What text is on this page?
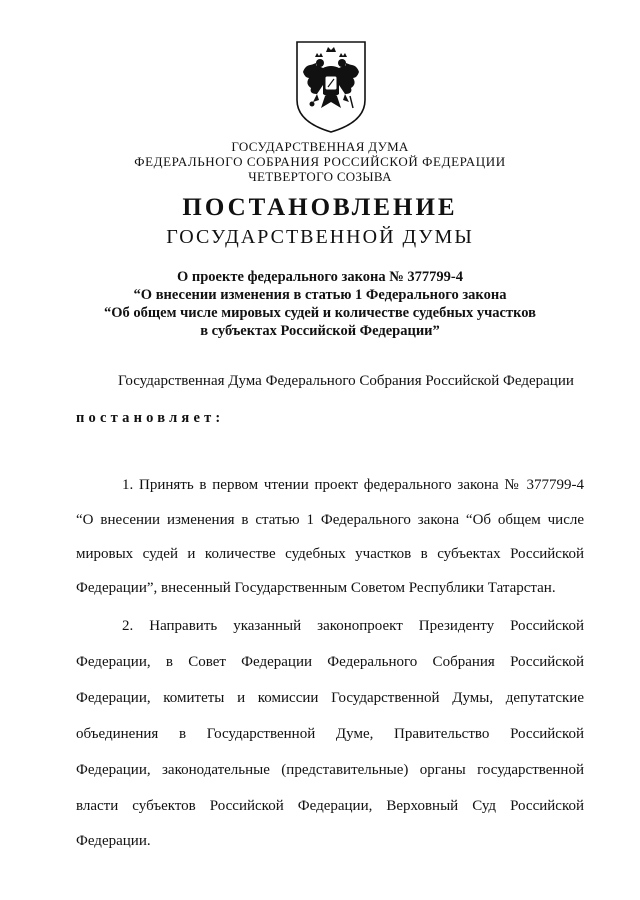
ГОСУДАРСТВЕННАЯ ДУМА
ФЕДЕРАЛЬНОГО СОБРАНИЯ РОССИЙСКОЙ ФЕДЕРАЦИИ
ЧЕТВЕРТОГО СОЗЫВА
ПОСТАНОВЛЕНИЕ
ГОСУДАРСТВЕННОЙ ДУМЫ
О проекте федерального закона № 377799-4
“О внесении изменения в статью 1 Федерального закона
“Об общем числе мировых судей и количестве судебных участков
в субъектах Российской Федерации”
Государственная Дума Федерального Собрания Российской Федерации
постановляет:
1. Принять в первом чтении проект федерального закона № 377799-4
“О внесении изменения в статью 1 Федерального закона “Об общем числе
мировых судей и количестве судебных участков в субъектах Российской
Федерации”, внесенный Государственным Советом Республики Татарстан.
2. Направить указанный законопроект Президенту Российской
Федерации, в Совет Федерации Федерального Собрания Российской
Федерации, комитеты и комиссии Государственной Думы, депутатские
объединения в Государственной Думе, Правительство Российской
Федерации, законодательные (представительные) органы государственной
власти субъектов Российской Федерации, Верховный Суд Российской
Федерации.
